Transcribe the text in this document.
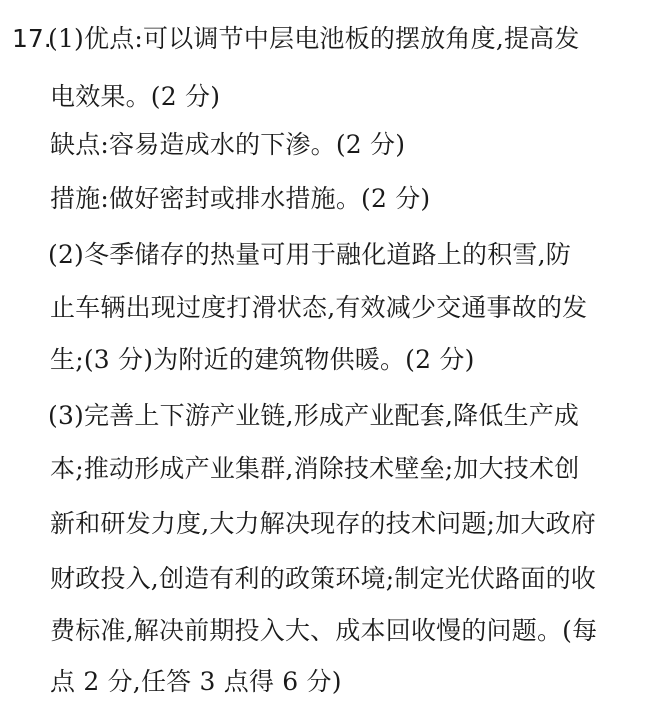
17.
(1)优点:可以调节中层电池板的摆放角度,提高发
电效果。(2 分)
缺点:容易造成水的下渗。(2 分)
措施:做好密封或排水措施。(2 分)
(2)冬季储存的热量可用于融化道路上的积雪,防
止车辆出现过度打滑状态,有效减少交通事故的发
生;(3 分)为附近的建筑物供暖。(2 分)
(3)完善上下游产业链,形成产业配套,降低生产成
本;推动形成产业集群,消除技术壁垒;加大技术创
新和研发力度,大力解决现存的技术问题;加大政府
财政投入,创造有利的政策环境;制定光伏路面的收
费标准,解决前期投入大、成本回收慢的问题。(每
点 2 分,任答 3 点得 6 分)
